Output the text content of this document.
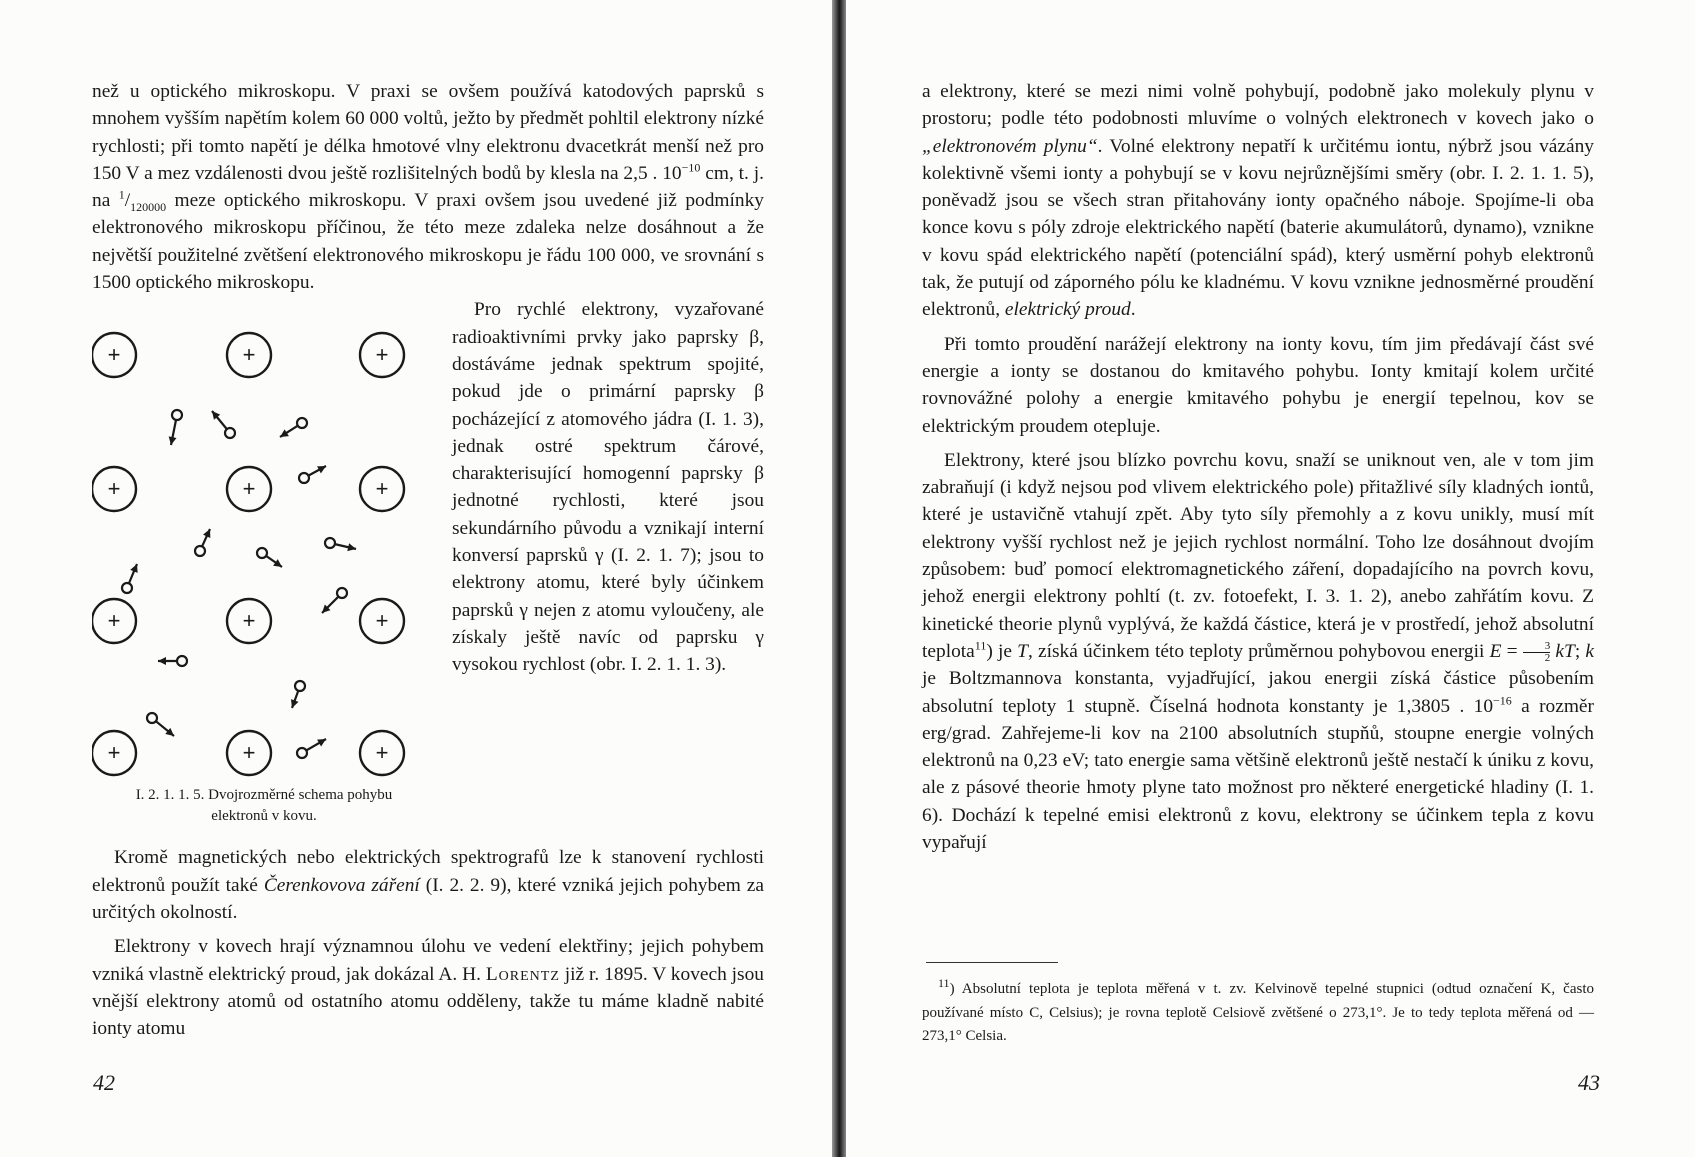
než u optického mikroskopu. V praxi se ovšem používá katodových paprsků s mnohem vyšším napětím kolem 60 000 voltů, ježto by předmět pohltil elektrony nízké rychlosti; při tomto napětí je délka hmotové vlny elektronu dvacetkrát menší než pro 150 V a mez vzdálenosti dvou ještě rozlišitelných bodů by klesla na 2,5 . $10^{-10}$ cm, t. j. na $^1/_{120000}$ meze optického mikroskopu. V praxi ovšem jsou uvedené již podmínky elektronového mikroskopu příčinou, že této meze zdaleka nelze dosáhnout a že největší použitelné zvětšení elektronového mikroskopu je řádu 100 000, ve srovnání s 1500 optického mikroskopu.

+	+	+
+	+	+
+	+	+
+	+	+
I. 2. 1. 1. 5. Dvojrozměrné schema pohybu
elektronů v kovu.

Pro rychlé elektrony, vyzařované radioaktivními prvky jako paprsky β, dostáváme jednak spektrum spojité, pokud jde o primární paprsky β pocházející z atomového jádra (I. 1. 3), jednak ostré spektrum čárové, charakterisující homogenní paprsky β jednotné rychlosti, které jsou sekundárního původu a vznikají interní konversí paprsků γ (I. 2. 1. 7); jsou to elektrony atomu, které byly účinkem paprsků γ nejen z atomu vyloučeny, ale získaly ještě navíc od paprsku γ vysokou rychlost (obr. I. 2. 1. 1. 3).

Kromě magnetických nebo elektrických spektrografů lze k stanovení rychlosti elektronů použít také Čerenkovova záření (I. 2. 2. 9), které vzniká jejich pohybem za určitých okolností.

Elektrony v kovech hrají významnou úlohu ve vedení elektřiny; jejich pohybem vzniká vlastně elektrický proud, jak dokázal A. H. Lorentz již r. 1895. V kovech jsou vnější elektrony atomů od ostatního atomu odděleny, takže tu máme kladně nabité ionty atomu

42

a elektrony, které se mezi nimi volně pohybují, podobně jako molekuly plynu v prostoru; podle této podobnosti mluvíme o volných elektronech v kovech jako o „elektronovém plynu“. Volné elektrony nepatří k určitému iontu, nýbrž jsou vázány kolektivně všemi ionty a pohybují se v kovu nejrůznějšími směry (obr. I. 2. 1. 1. 5), poněvadž jsou se všech stran přitahovány ionty opačného náboje. Spojíme-li oba konce kovu s póly zdroje elektrického napětí (baterie akumulátorů, dynamo), vznikne v kovu spád elektrického napětí (potenciální spád), který usměrní pohyb elektronů tak, že putují od záporného pólu ke kladnému. V kovu vznikne jednosměrné proudění elektronů, elektrický proud.

Při tomto proudění narážejí elektrony na ionty kovu, tím jim předávají část své energie a ionty se dostanou do kmitavého pohybu. Ionty kmitají kolem určité rovnovážné polohy a energie kmitavého pohybu je energií tepelnou, kov se elektrickým proudem otepluje.

Elektrony, které jsou blízko povrchu kovu, snaží se uniknout ven, ale v tom jim zabraňují (i když nejsou pod vlivem elektrického pole) přitažlivé síly kladných iontů, které je ustavičně vtahují zpět. Aby tyto síly přemohly a z kovu unikly, musí mít elektrony vyšší rychlost než je jejich rychlost normální. Toho lze dosáhnout dvojím způsobem: buď pomocí elektromagnetického záření, dopadajícího na povrch kovu, jehož energii elektrony pohltí (t. zv. fotoefekt, I. 3. 1. 2), anebo zahřátím kovu. Z kinetické theorie plynů vyplývá, že každá částice, která je v prostředí, jehož absolutní teplota$^{11}$) je T, získá účinkem této teploty průměrnou pohybovou energii $E = \frac{3}{2}$ kT; k je Boltzmannova konstanta, vyjadřující, jakou energii získá částice působením absolutní teploty 1 stupně. Číselná hodnota konstanty je 1,3805 . $10^{-16}$ a rozměr erg/grad. Zahřejeme-li kov na 2100 absolutních stupňů, stoupne energie volných elektronů na 0,23 eV; tato energie sama většině elektronů ještě nestačí k úniku z kovu, ale z pásové theorie hmoty plyne tato možnost pro některé energetické hladiny (I. 1. 6). Dochází k tepelné emisi elektronů z kovu, elektrony se účinkem tepla z kovu vypařují

$^{11}$) Absolutní teplota je teplota měřená v t. zv. Kelvinově tepelné stupnici (odtud označení K, často používané místo C, Celsius); je rovna teplotě Celsiově zvětšené o 273,1°. Je to tedy teplota měřená od — 273,1° Celsia.
43
